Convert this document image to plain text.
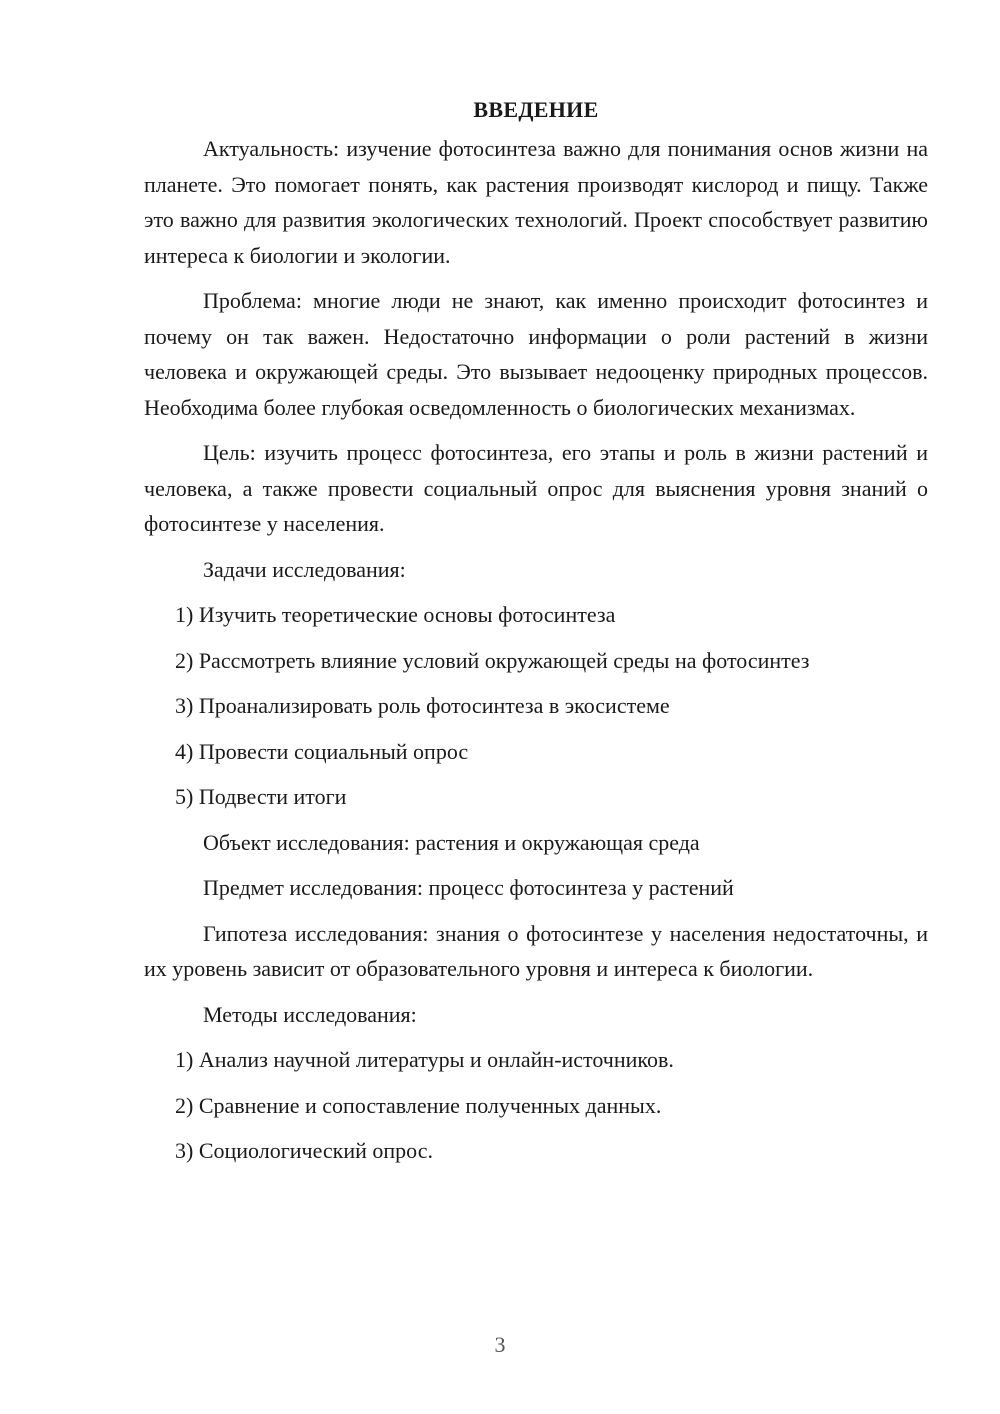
ВВЕДЕНИЕ

Актуальность: изучение фотосинтеза важно для понимания основ жизни на планете. Это помогает понять, как растения производят кислород и пищу. Также это важно для развития экологических технологий. Проект способствует развитию интереса к биологии и экологии.

Проблема: многие люди не знают, как именно происходит фотосинтез и почему он так важен. Недостаточно информации о роли растений в жизни человека и окружающей среды. Это вызывает недооценку природных процессов. Необходима более глубокая осведомленность о биологических механизмах.

Цель: изучить процесс фотосинтеза, его этапы и роль в жизни растений и человека, а также провести социальный опрос для выяснения уровня знаний о фотосинтезе у населения.

Задачи исследования:
1) Изучить теоретические основы фотосинтеза
2) Рассмотреть влияние условий окружающей среды на фотосинтез
3) Проанализировать роль фотосинтеза в экосистеме
4) Провести социальный опрос
5) Подвести итоги
Объект исследования: растения и окружающая среда
Предмет исследования: процесс фотосинтеза у растений

Гипотеза исследования: знания о фотосинтезе у населения недостаточны, и их уровень зависит от образовательного уровня и интереса к биологии.

Методы исследования:
1) Анализ научной литературы и онлайн-источников.
2) Сравнение и сопоставление полученных данных.
3) Социологический опрос.
3
